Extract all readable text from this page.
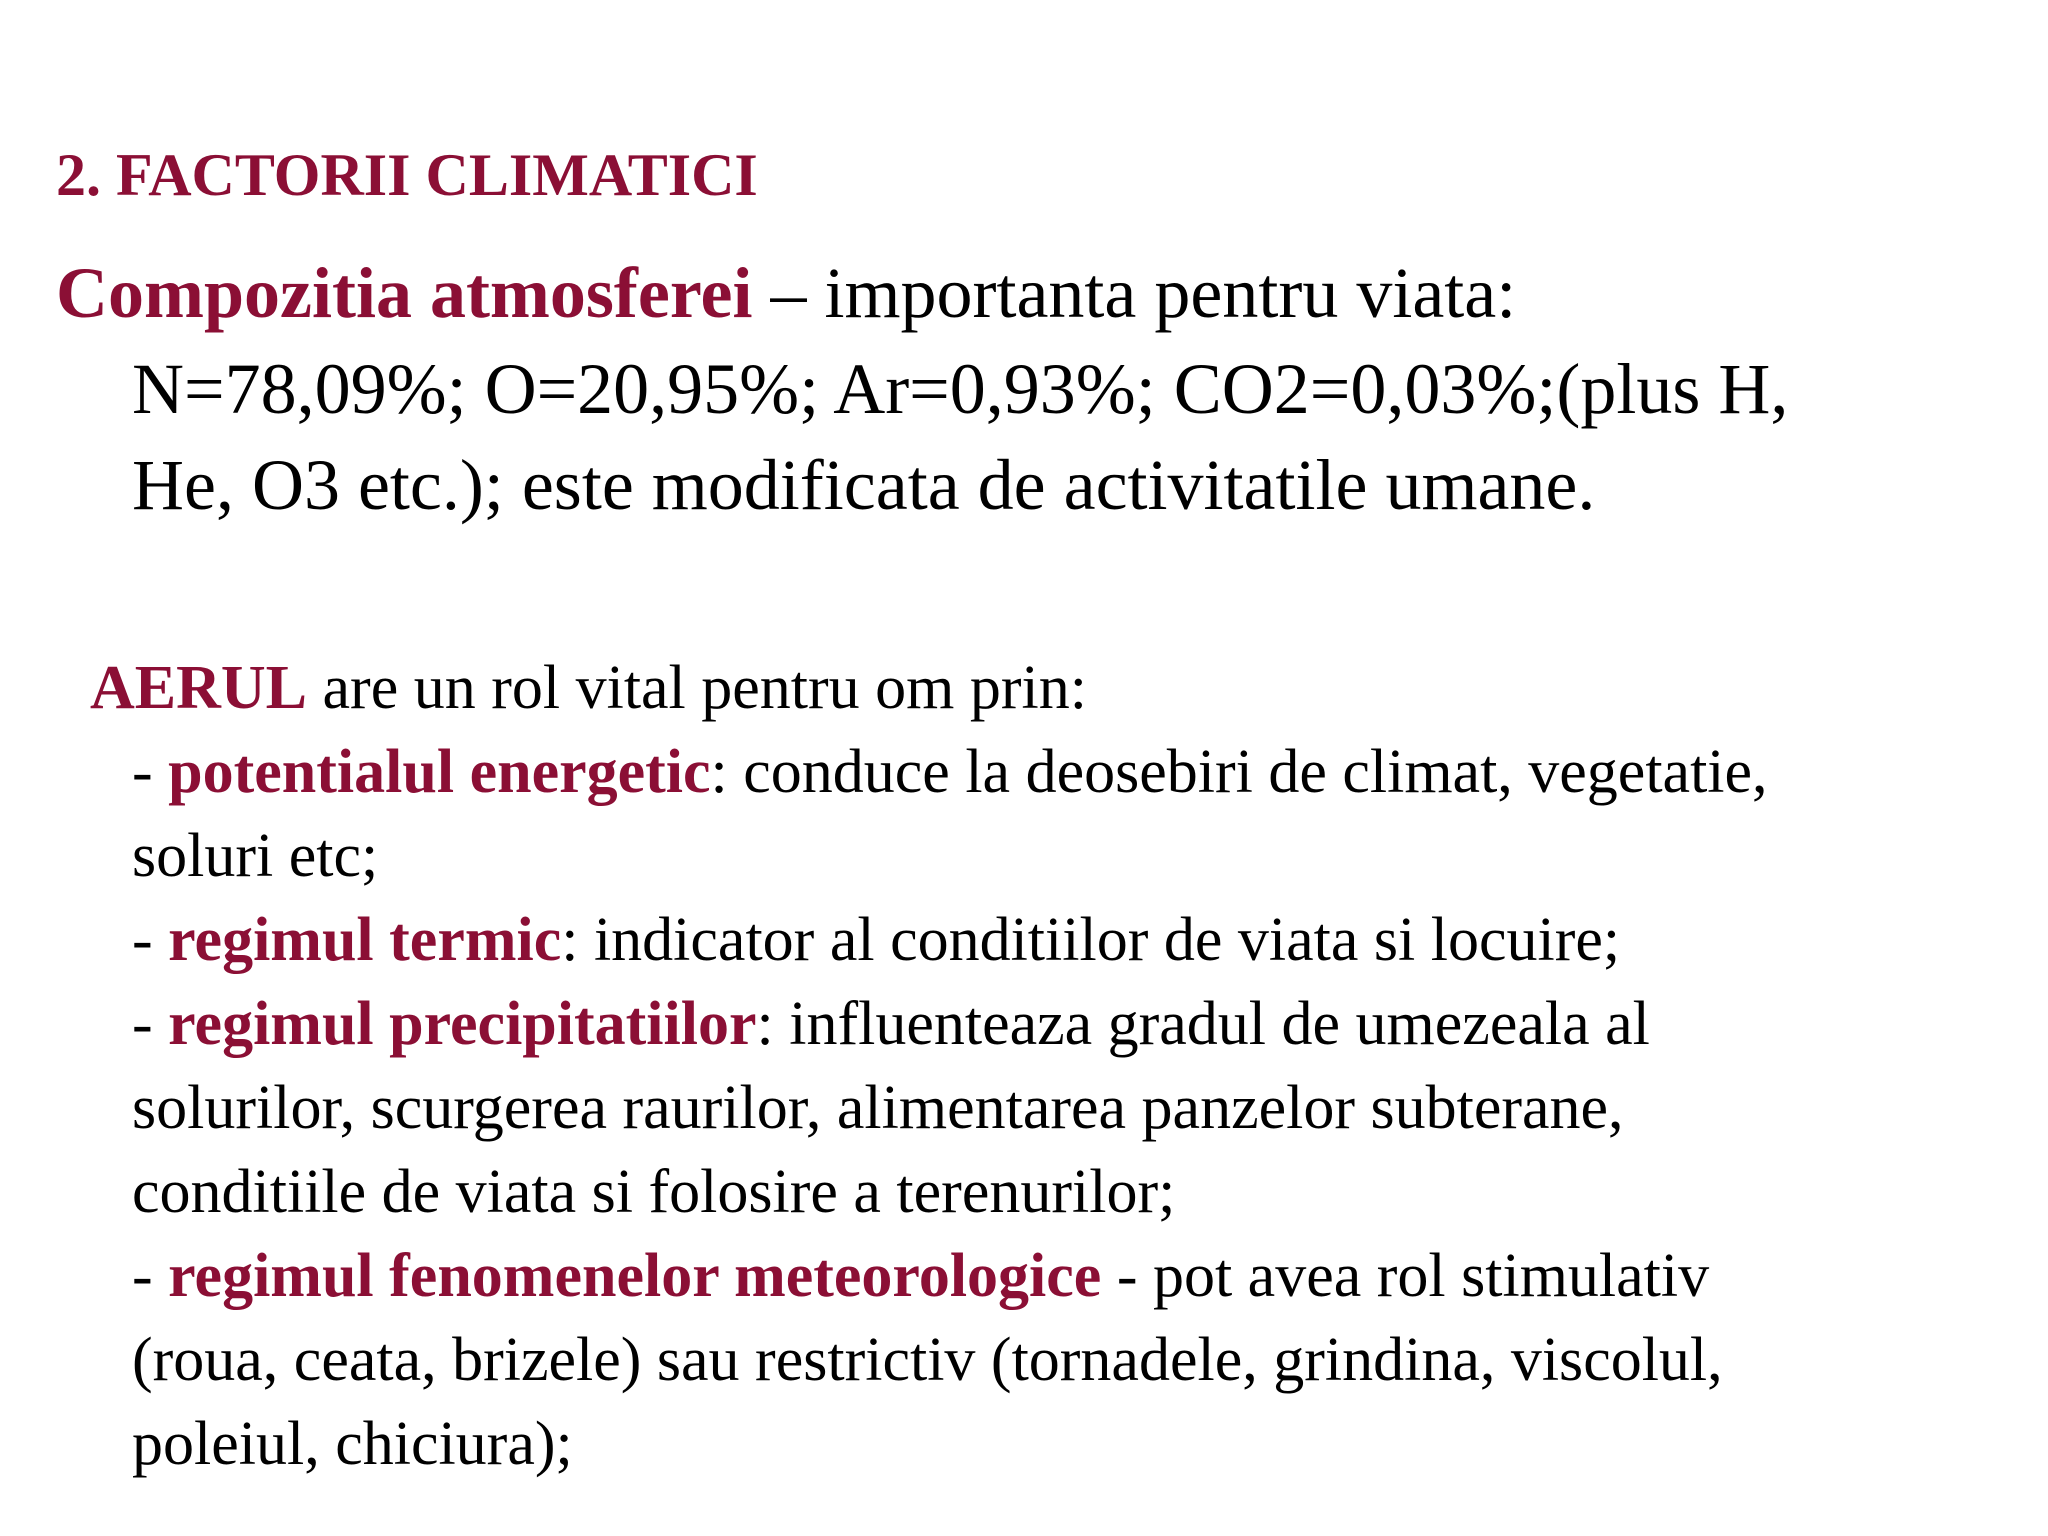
2. FACTORII CLIMATICI
Compozitia atmosferei – importanta pentru viata:
N=78,09%; O=20,95%; Ar=0,93%; CO2=0,03%;(plus H,
He, O3 etc.); este modificata de activitatile umane.
AERUL are un rol vital pentru om prin:
- potentialul energetic: conduce la deosebiri de climat, vegetatie,
soluri etc;
- regimul termic: indicator al conditiilor de viata si locuire;
- regimul precipitatiilor: influenteaza gradul de umezeala al
solurilor, scurgerea raurilor, alimentarea panzelor subterane,
conditiile de viata si folosire a terenurilor;
- regimul fenomenelor meteorologice - pot avea rol stimulativ
(roua, ceata, brizele) sau restrictiv (tornadele, grindina, viscolul,
poleiul, chiciura);
